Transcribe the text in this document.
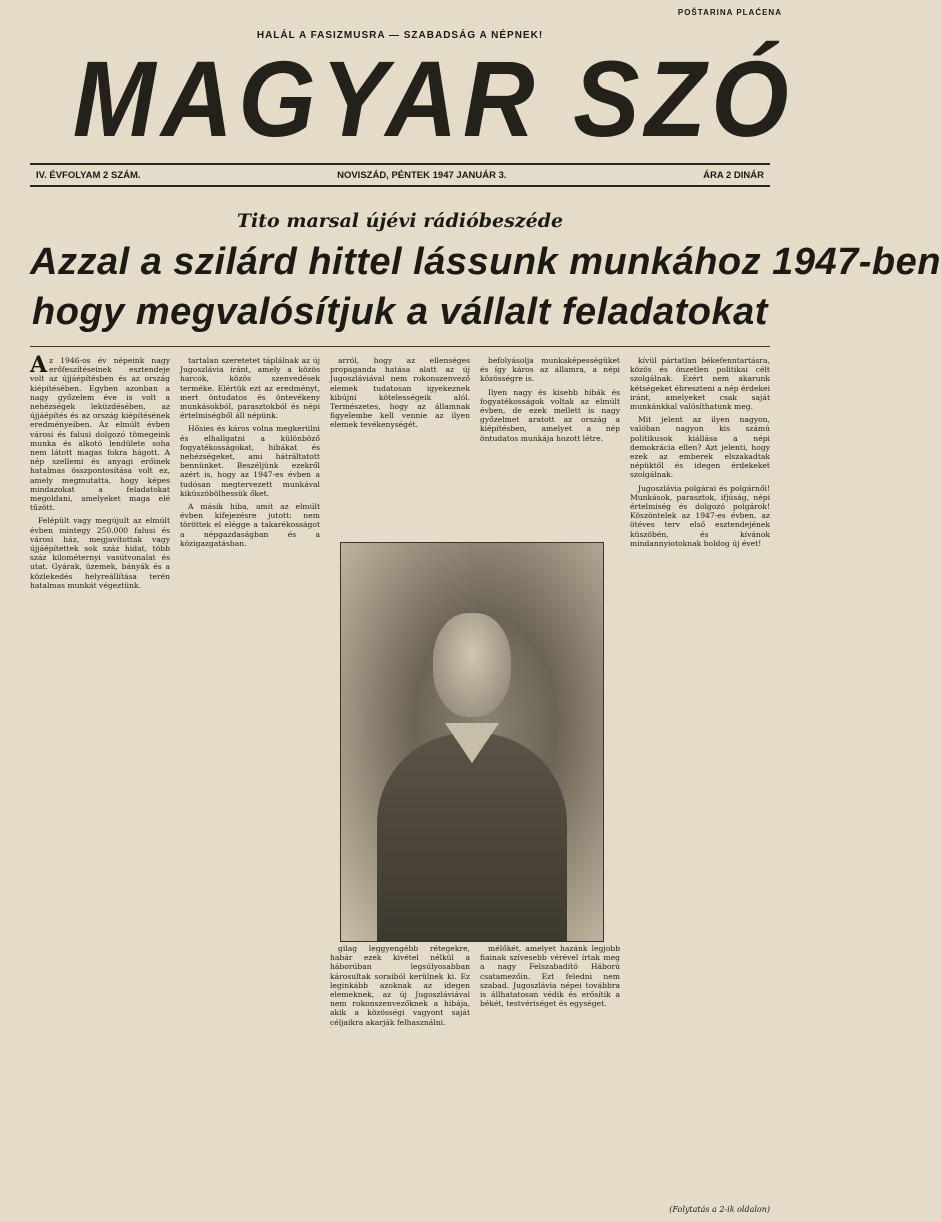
POŠTARINA PLAĆENA
HALÁL A FASIZMUSRA — SZABADSÁG A NÉPNEK!
MAGYAR SZÓ
IV. ÉVFOLYAM 2 SZÁM.	NOVISZÁD, PÉNTEK 1947 JANUÁR 3.	ÁRA 2 DINÁR
Tito marsal újévi rádióbeszéde
Azzal a szilárd hittel lássunk munkához 1947-ben
hogy megvalósítjuk a vállalt feladatokat

Az 1946-os év népeink nagy erőfeszítéseinek esztendeje volt az újjáépítésben és az ország kiépítésében. Egyben azonban a nagy győzelem éve is volt a nehézségek leküzdésében, az újjáépítés és az ország kiépítésének eredményeiben. Az elmúlt évben városi és falusi dolgozó tömegeink munka és alkotó lendülete soha nem látott magas fokra hágott. A nép szellemi és anyagi erőinek hatalmas összpontosítása volt ez, amely megmutatta, hogy képes mindazokat a feladatokat megoldani, amelyeket maga elé tűzött.

Felépült vagy megújult az elmúlt évben mintegy 250.000 falusi és városi ház, megjavítottak vagy újjáépítettek sok száz hidat, több száz kilométernyi vasútvonalat és utat. Gyárak, üzemek, bányák és a közlekedés helyreállítása terén hatalmas munkát végeztünk.

tartalan szeretetet táplálnak az új Jugoszlávia iránt, amely a közös harcok, közös szenvedések terméke. Elértük ezt az eredményt, mert öntudatos és öntevékeny munkásokból, parasztokból és népi értelmiségből áll népünk.

Hősies és káros volna megkerülni és elhallgatni a különböző fogyatékosságokat, hibákat és nehézségeket, ami hátráltatott bennünket. Beszéljünk ezekről azért is, hogy az 1947-es évben a tudósan megtervezett munkával kiküszöbölhessük őket.

A másik hiba, amit az elmúlt évben kifejezésre jutott: nem töröttek el elégge a takarékosságot a népgazdaságban és a közigazgatásban.

arról, hogy az ellenséges propaganda hatása alatt az új Jugoszláviával nem rokonszenvező elemek tudatosan igyekeznek kibújni kötelességeik alól. Természetes, hogy az államnak figyelembe kell vennie az ilyen elemek tevékenységét.

befolyásolja munkaképességüket és így káros az államra, a népi közösségre is.

Ilyen nagy és kisebb hibák és fogyatékosságok voltak az elmúlt évben, de ezek mellett is nagy győzelmet aratott az ország a kiépítésben, amelyet a nép öntudatos munkája hozott létre.

gilag leggyengébb rétegekre, habár ezek kivétel nélkül a háborúban legsúlyosabban károsultak soraiból kerülnek ki. Ez leginkább azoknak az idegen elemeknek, az új Jugoszláviával nem rokonszenvezőknek a hibája, akik a közösségi vagyont saját céljaikra akarják felhasználni.

mélőkét, amelyet hazánk legjobb fiainak szívesebb vérével írtak meg a nagy Felszabadító Háború csatamezőin. Ezt feledni nem szabad. Jugoszlávia népei továbbra is állhatatosan védik és erősítik a békét, testvériséget és egységet.

kívül pártatlan békefenntartásra, közös és önzetlen politikai célt szolgálnak. Ezért nem akarunk kétségeket ébreszteni a nép érdekei iránt, amelyeket csak saját munkánkkal valósíthatunk meg.

Mit jelent az ilyen nagyon, valóban nagyon kis számú politikusok kiállása a népi demokrácia ellen? Azt jelenti, hogy ezek az emberek elszakadtak népüktől és idegen érdekeket szolgálnak.

Jugoszlávia polgárai és polgárnői! Munkások, parasztok, ifjúság, népi értelmiség és dolgozó polgárok! Köszöntelek az 1947-es évben, az ötéves terv első esztendejének küszöbén, és kívánok mindannyiotoknak boldog új évet!

(Folytatás a 2-ik oldalon)
